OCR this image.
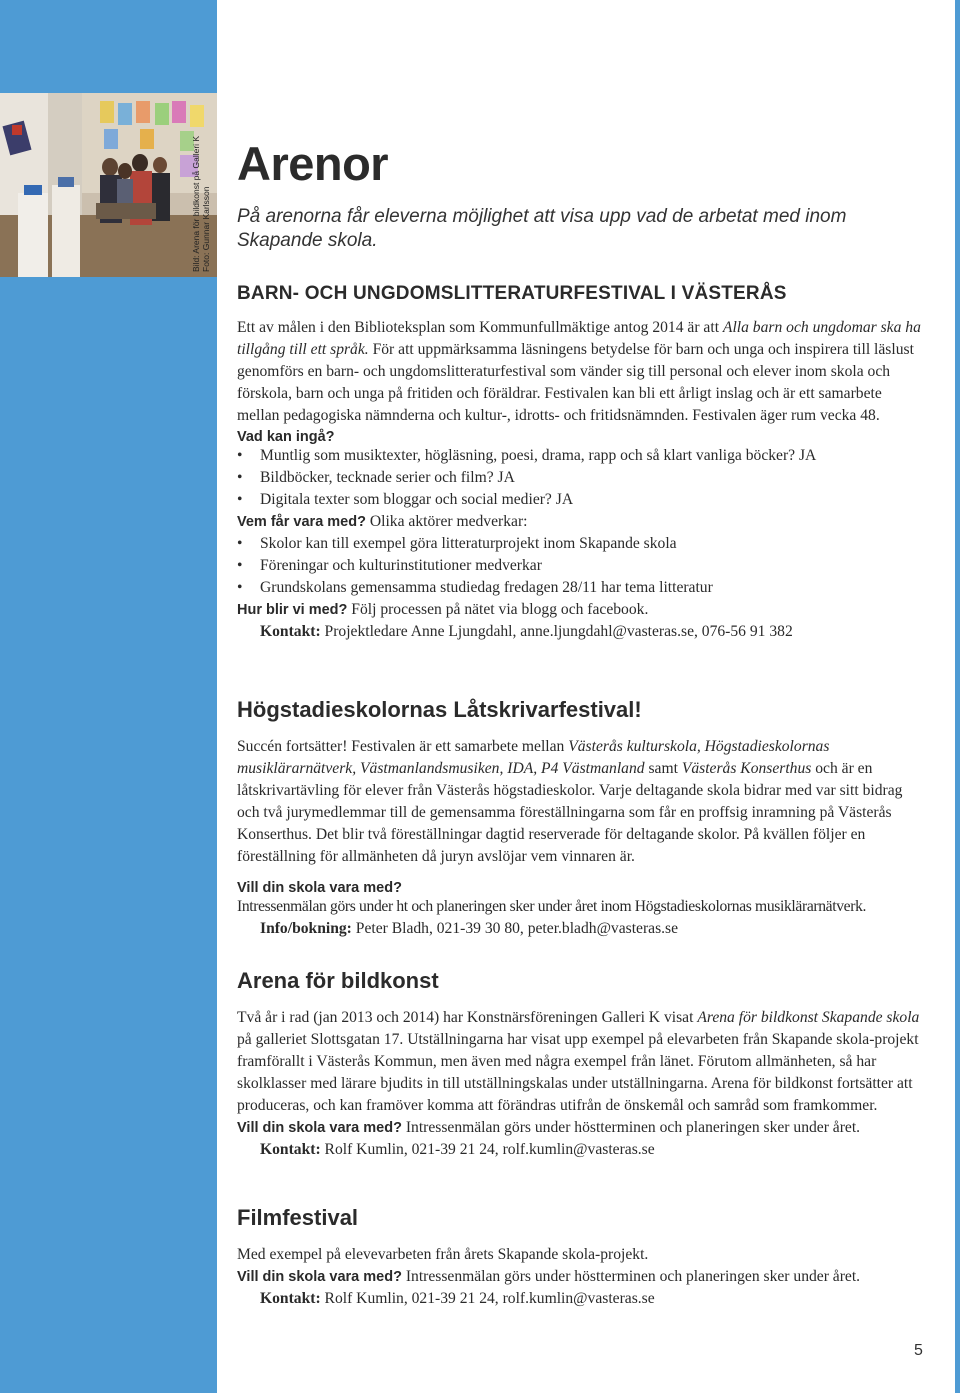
Bild: Arena för bildkonst på Galleri K Foto: Gunnar Karlsson
Arenor

På arenorna får eleverna möjlighet att visa upp vad de arbetat med inom Skapande skola.

BARN- OCH UNGDOMSLITTERATURFESTIVAL I VÄSTERÅS

Ett av målen i den Biblioteksplan som Kommunfullmäktige antog 2014 är att Alla barn och ungdomar ska ha tillgång till ett språk. För att uppmärksamma läsningens betydelse för barn och unga och inspirera till läslust genomförs en barn- och ungdomslitteraturfestival som vänder sig till personal och elever inom skola och förskola, barn och unga på fritiden och föräldrar. Festivalen kan bli ett årligt inslag och är ett samarbete mellan pedagogiska nämnderna och kultur-, idrotts- och fritidsnämnden. Festivalen äger rum vecka 48.

Vad kan ingå?
• Muntlig som musiktexter, högläsning, poesi, drama, rapp och så klart vanliga böcker? JA
• Bildböcker, tecknade serier och film? JA
• Digitala texter som bloggar och social medier? JA

Vem får vara med? Olika aktörer medverkar:

• Skolor kan till exempel göra litteraturprojekt inom Skapande skola
• Föreningar och kulturinstitutioner medverkar
• Grundskolans gemensamma studiedag fredagen 28/11 har tema litteratur

Hur blir vi med? Följ processen på nätet via blogg och facebook.

Kontakt: Projektledare Anne Ljungdahl, anne.ljungdahl@vasteras.se, 076-56 91 382

Högstadieskolornas Låtskrivarfestival!

Succén fortsätter! Festivalen är ett samarbete mellan Västerås kulturskola, Högstadieskolornas musiklärarnätverk, Västmanlandsmusiken, IDA, P4 Västmanland samt Västerås Konserthus och är en låtskrivartävling för elever från Västerås högstadieskolor. Varje deltagande skola bidrar med var sitt bidrag och två jurymedlemmar till de gemensamma föreställningarna som får en proffsig inramning på Västerås Konserthus. Det blir två föreställningar dagtid reserverade för deltagande skolor. På kvällen följer en föreställning för allmänheten då juryn avslöjar vem vinnaren är.

Vill din skola vara med?

Intressenmälan görs under ht och planeringen sker under året inom Högstadieskolornas musiklärarnätverk.

Info/bokning: Peter Bladh, 021-39 30 80, peter.bladh@vasteras.se

Arena för bildkonst

Två år i rad (jan 2013 och 2014) har Konstnärsföreningen Galleri K visat Arena för bildkonst Skapande skola på galleriet Slottsgatan 17. Utställningarna har visat upp exempel på elevarbeten från Skapande skola-projekt framförallt i Västerås Kommun, men även med några exempel från länet. Förutom allmänheten, så har skolklasser med lärare bjudits in till utställningskalas under utställningarna. Arena för bildkonst fortsätter att produceras, och kan framöver komma att förändras utifrån de önskemål och samråd som framkommer.

Vill din skola vara med? Intressenmälan görs under höstterminen och planeringen sker under året.

Kontakt: Rolf Kumlin, 021-39 21 24, rolf.kumlin@vasteras.se

Filmfestival

Med exempel på elevevarbeten från årets Skapande skola-projekt.

Vill din skola vara med? Intressenmälan görs under höstterminen och planeringen sker under året.

Kontakt: Rolf Kumlin, 021-39 21 24, rolf.kumlin@vasteras.se

5
